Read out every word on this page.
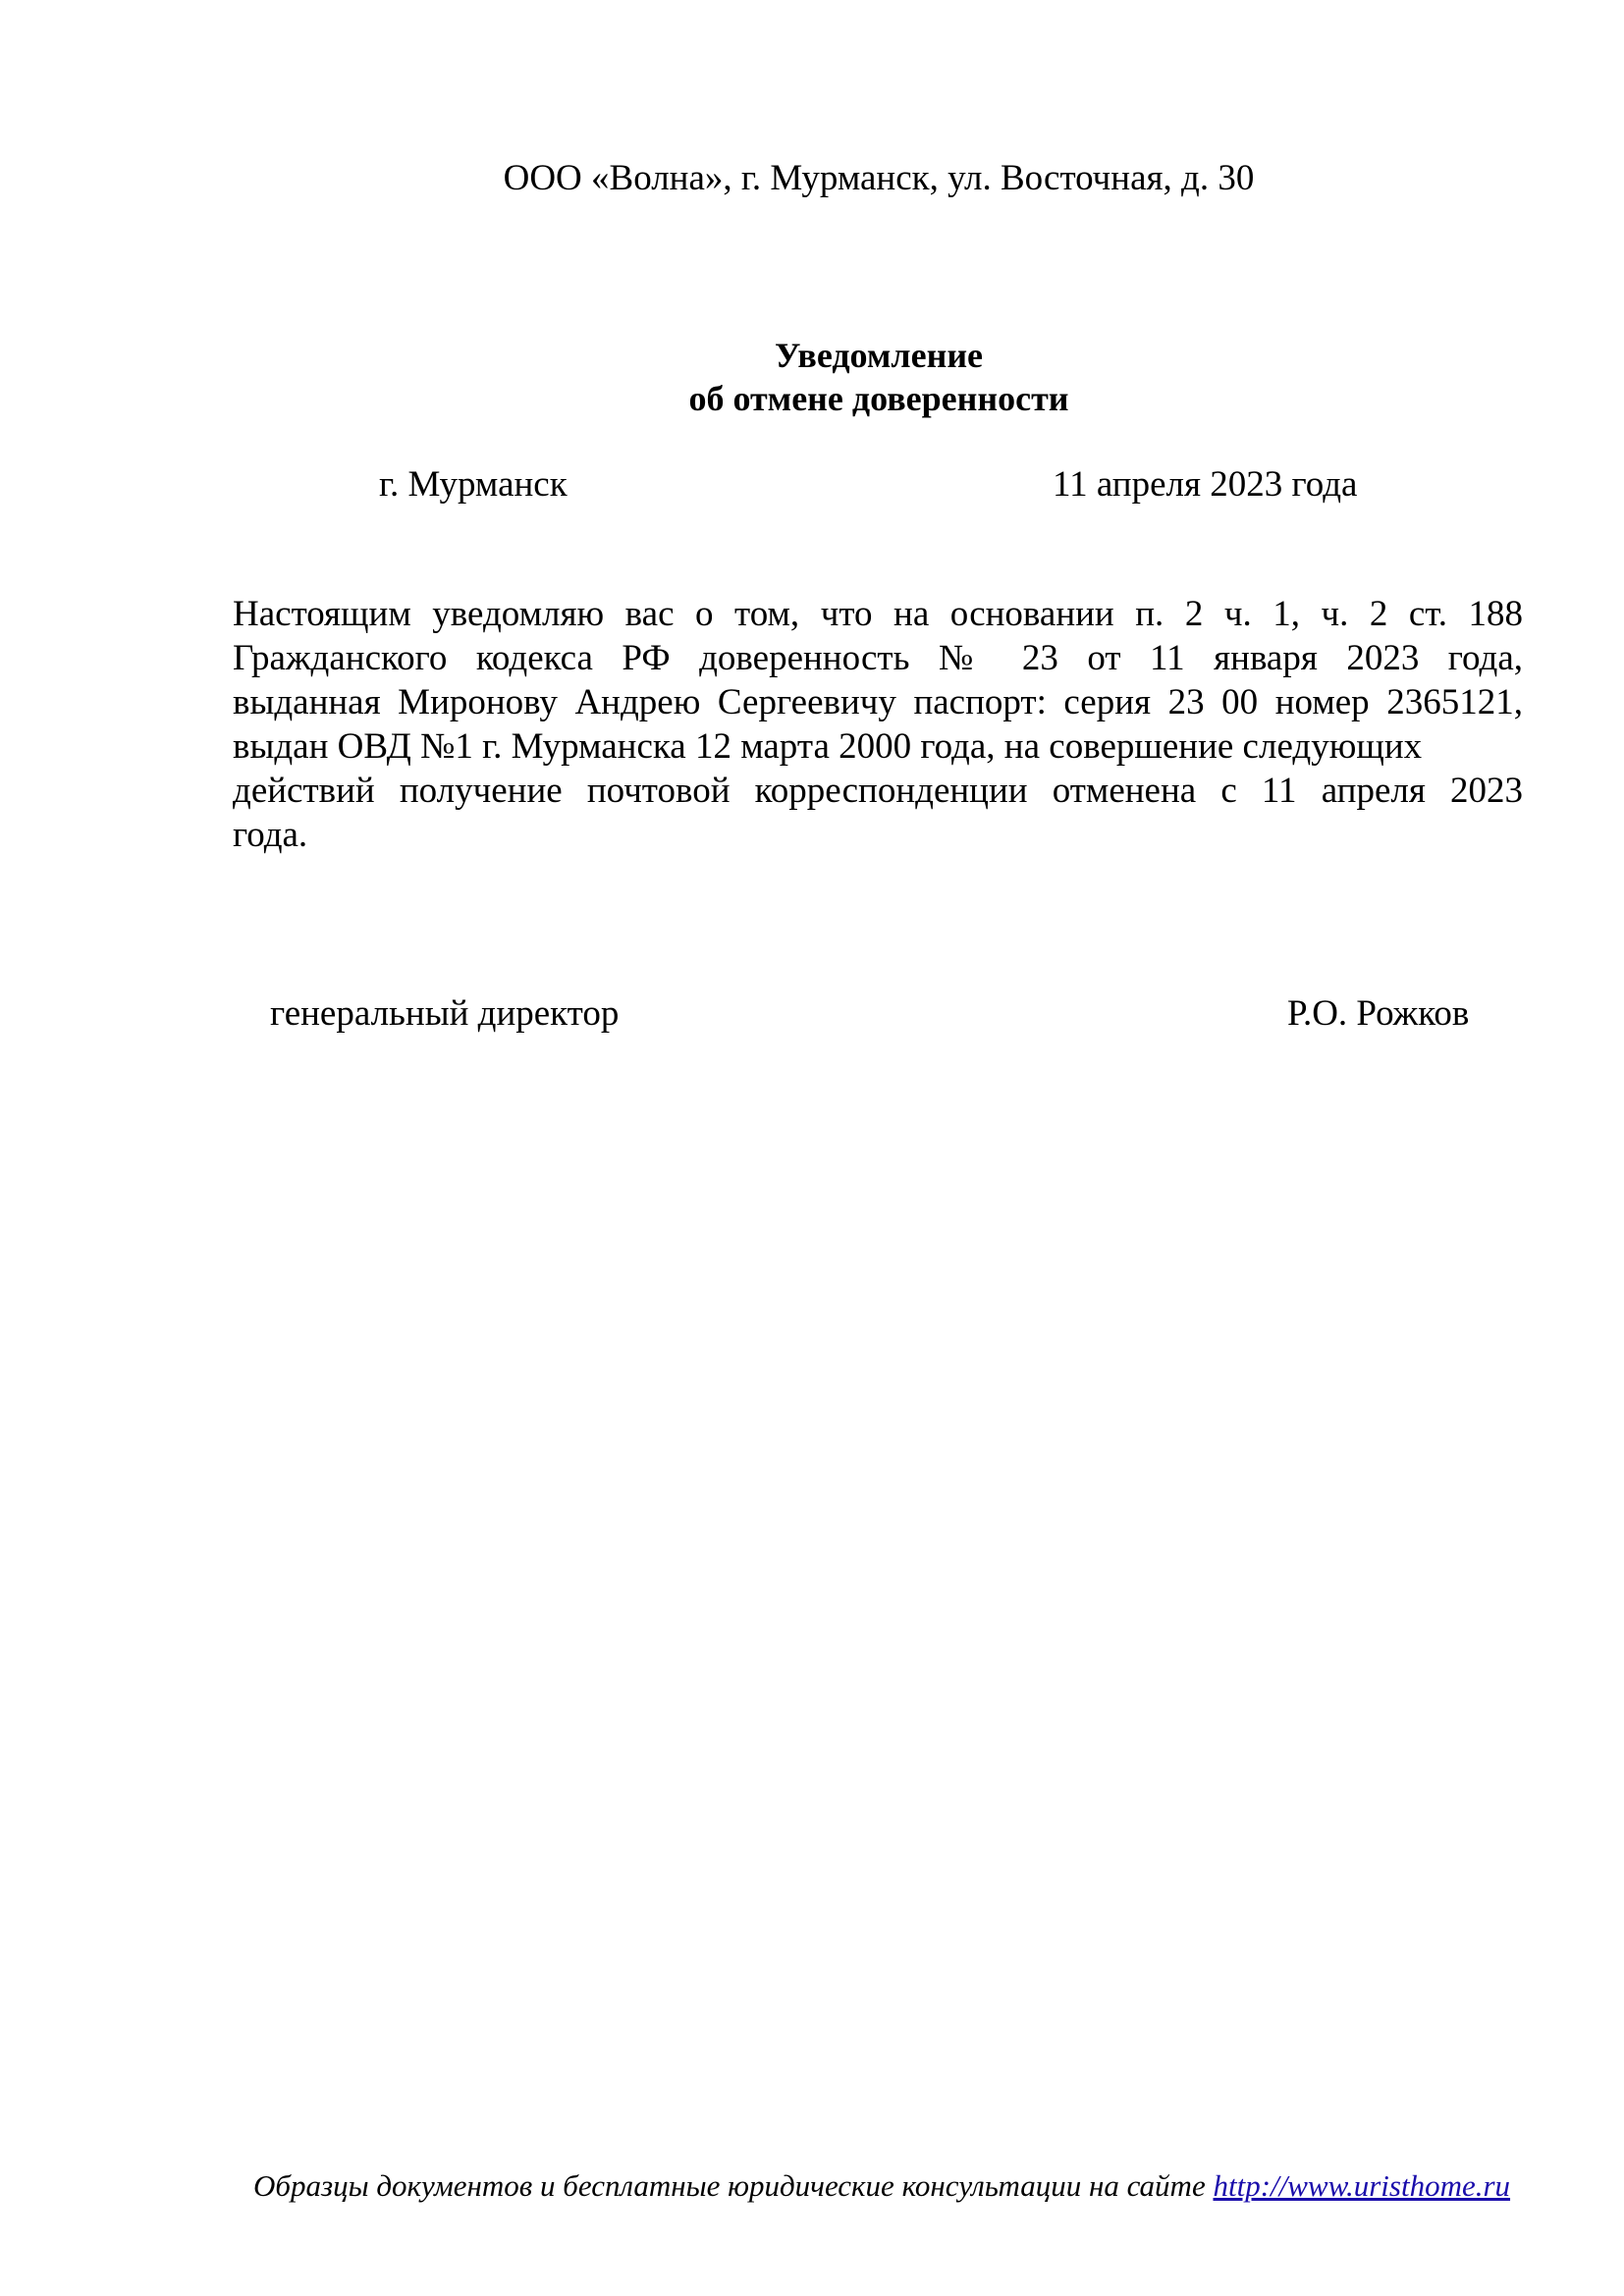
ООО «Волна», г. Мурманск, ул. Восточная, д. 30
Уведомление
об отмене доверенности
г. Мурманск	11 апреля 2023 года
Настоящим уведомляю вас о том, что на основании п. 2 ч. 1, ч. 2 ст. 188
Гражданского кодекса РФ доверенность № 23 от 11 января 2023 года,
выданная Миронову Андрею Сергеевичу паспорт: серия 23 00 номер 2365121,
выдан ОВД №1 г. Мурманска 12 марта 2000 года, на совершение следующих
действий получение почтовой корреспонденции отменена с 11 апреля 2023
года.
генеральный директор	Р.О. Рожков
Образцы документов и бесплатные юридические консультации на сайте http://www.uristhome.ru
